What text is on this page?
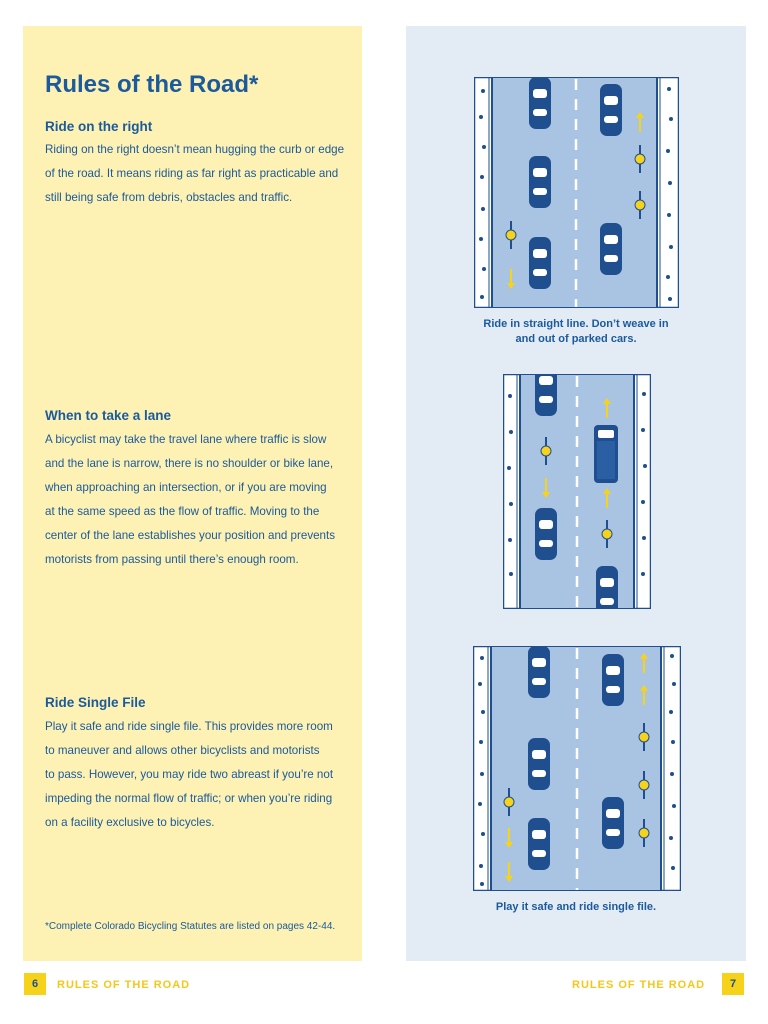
Rules of the Road*
Ride on the right
Riding on the right doesn’t mean hugging the curb or edge
of the road. It means riding as far right as practicable and
still being safe from debris, obstacles and traffic.
When to take a lane
A bicyclist may take the travel lane where traffic is slow
and the lane is narrow, there is no shoulder or bike lane,
when approaching an intersection, or if you are moving
at the same speed as the flow of traffic. Moving to the
center of the lane establishes your position and prevents
motorists from passing until there’s enough room.
Ride Single File
Play it safe and ride single file. This provides more room
to maneuver and allows other bicyclists and motorists
to pass. However, you may ride two abreast if you’re not
impeding the normal flow of traffic; or when you’re riding
on a facility exclusive to bicycles.

*Complete Colorado Bicycling Statutes are listed on pages 42-44.

Ride in straight line. Don’t weave in
and out of parked cars.
Play it safe and ride single file.
6	RULES OF THE ROAD	RULES OF THE ROAD	7
